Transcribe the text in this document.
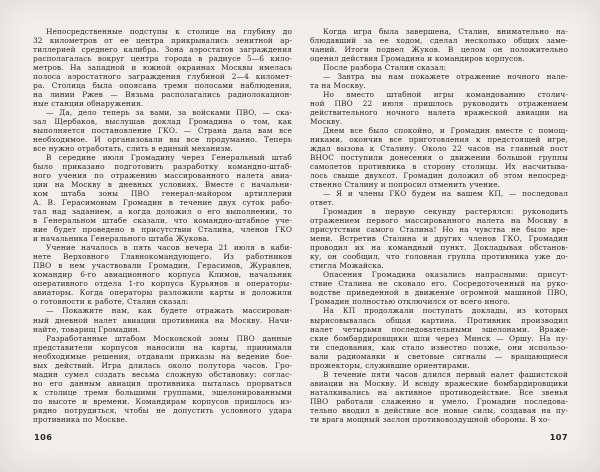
Непосредственные подступы к столице на глубину до
32 километров от ее центра прикрывались зенитной ар-
тиллерией среднего калибра. Зона аэростатов заграждения
располагалась вокруг центра города в радиусе 5—6 кило-
метров. На западной и южной окраинах Москвы имелась
полоса аэростатного заграждения глубиной 2—4 километ-
ра. Столица была опоясана тремя полосами наблюдения,
на линии Ржев — Вязьма располагались радиолокацион-
ные станции обнаружения.
— Да, дело теперь за вами, за войсками ПВО, — ска-
зал Щербаков, выслушав доклад Громадина о том, как
выполняется постановление ГКО. — Страна дала вам все
необходимое. И организовали вы все продуманно. Теперь
все нужно отработать, слить в единый механизм.
В середине июля Громадину через Генеральный штаб
было приказано подготовить разработку командно-штаб-
ного учения по отражению массированного налета авиа-
ции на Москву в дневных условиях. Вместе с начальни-
ком штаба зоны ПВО генерал-майором артиллерии
А. В. Герасимовым Громадин в течение двух суток рабо-
тал над заданием, а когда доложил о его выполнении, то
в Генеральном штабе сказали, что командно-штабное уче-
ние будет проведено в присутствии Сталина, членов ГКО
и начальника Генерального штаба Жукова.
Учение началось в пять часов вечера 21 июля в каби-
нете Верховного Главнокомандующего. Из работников
ПВО в нем участвовали Громадин, Герасимов, Журавлев,
командир 6-го авиационного корпуса Климов, начальник
оперативного отдела 1-го корпуса Курьянов и операторы-
авиаторы. Когда операторы разложили карты и доложили
о готовности к работе, Сталин сказал:
— Покажите нам, как будете отражать массирован-
ный дневной налет авиации противника на Москву. Начи-
найте, товарищ Громадин.
Разработанные штабом Московской зоны ПВО данные
представители корпусов наносили на карты, принимали
необходимые решения, отдавали приказы на ведение бое-
вых действий. Игра длилась около полутора часов. Гро-
мадин сумел создать весьма сложную обстановку: соглас-
но его данным авиация противника пыталась прорваться
к столице тремя большими группами, эшелонированными
по высоте и времени. Командирам корпусов пришлось из-
рядно потрудиться, чтобы не допустить условного удара
противника по Москве.
Когда игра была завершена, Сталин, внимательно на-
блюдавший за ее ходом, сделал несколько общих заме-
чаний. Итоги подвел Жуков. В целом он положительно
оценил действия Громадина и командиров корпусов.
После разбора Сталин сказал:
— Завтра вы нам покажете отражение ночного нале-
та на Москву.
Но вместо штабной игры командованию столич-
ной ПВО 22 июля пришлось руководить отражением
действительного ночного налета вражеской авиации на
Москву.
Днем все было спокойно, и Громадин вместе с помощ-
никами, окончив все приготовления к предстоящей игре,
ждал вызова к Сталину. Около 22 часов на главный пост
ВНОС поступили донесения о движении большой группы
самолетов противника в сторону столицы. Их насчитыва-
лось свыше двухсот. Громадин доложил об этом непосред-
ственно Сталину и попросил отменить учение.
— Я и члены ГКО будем на вашем КП, — последовал
ответ.
Громадин в первую секунду растерялся: руководить
отражением первого массированного налета на Москву в
присутствии самого Сталина! Но на чувства не было вре-
мени. Встретив Сталина и других членов ГКО, Громадин
проводил их на командный пункт. Докладывая обстанов-
ку, он сообщил, что головная группа противника уже до-
стигла Можайска.
Опасения Громадина оказались напрасными: присут-
ствие Сталина не сковало его. Сосредоточенный на руко-
водстве приведенной в движение огромной машиной ПВО,
Громадин полностью отключился от всего иного.
На КП продолжали поступать доклады, из которых
вырисовывалась общая картина. Противник производил
налет четырьмя последовательными эшелонами. Враже-
ские бомбардировщики шли через Минск — Оршу. На пу-
ти следования, как стало известно позже, они использо-
вали радиомаяки и световые сигналы — вращающиеся
прожекторы, служившие ориентирами.
В течение пяти часов длился первый налет фашистской
авиации на Москву. И всюду вражеские бомбардировщики
наталкивались на активное противодействие. Все звенья
ПВО работали слаженно и умело. Громадин последова-
тельно вводил в действие все новые силы, создавая на пу-
ти врага мощный заслон противовоздушной обороны. В хо-
106	107
